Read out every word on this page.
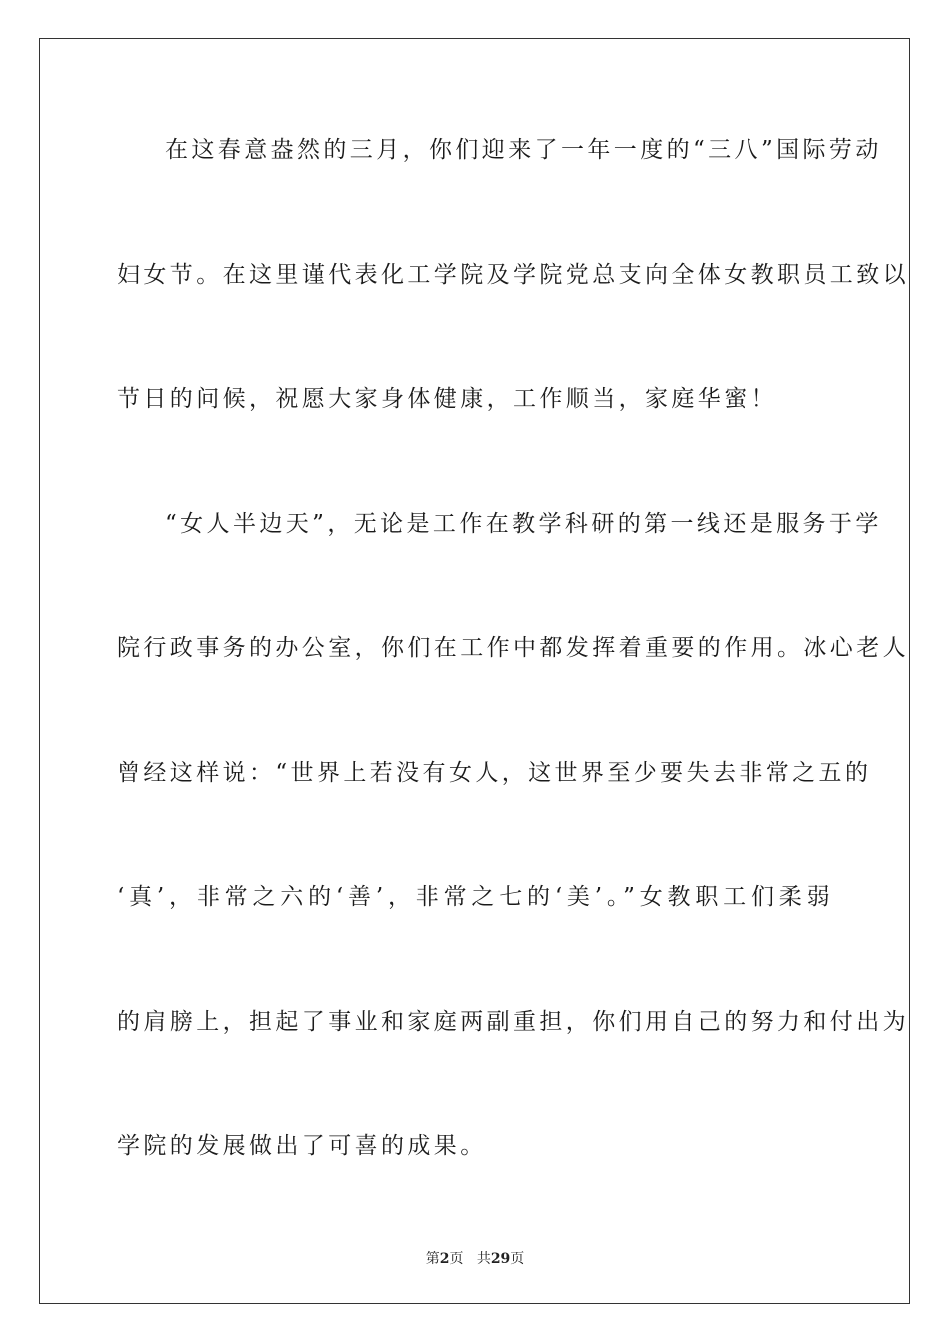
在这春意盎然的三月，你们迎来了一年一度的“三八”国际劳动
妇女节。在这里谨代表化工学院及学院党总支向全体女教职员工致以
节日的问候，祝愿大家身体健康，工作顺当，家庭华蜜！
“女人半边天”，无论是工作在教学科研的第一线还是服务于学
院行政事务的办公室，你们在工作中都发挥着重要的作用。冰心老人
曾经这样说：“世界上若没有女人，这世界至少要失去非常之五的
‘真’，非常之六的‘善’，非常之七的‘美’。”女教职工们柔弱
的肩膀上，担起了事业和家庭两副重担，你们用自己的努力和付出为
学院的发展做出了可喜的成果。
第2页 共29页
